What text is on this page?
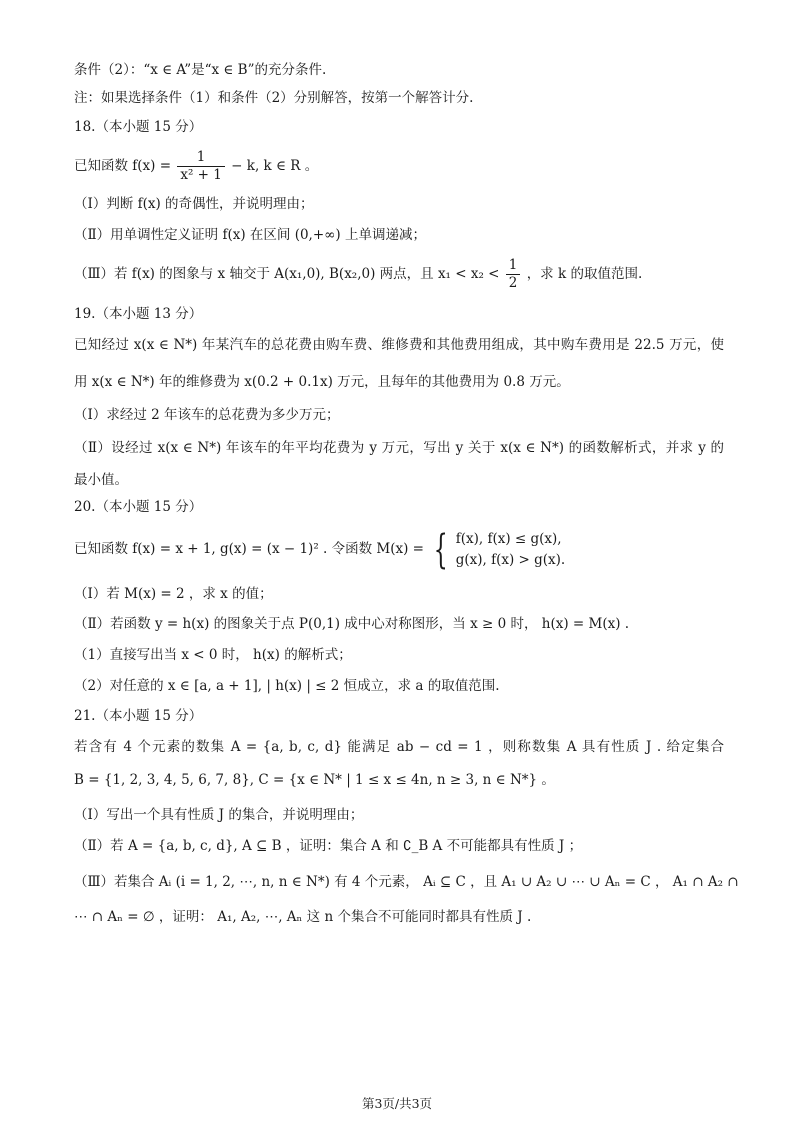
条件（2）：“x ∈ A”是“x ∈ B”的充分条件.
注：如果选择条件（1）和条件（2）分别解答，按第一个解答计分.
18.（本小题 15 分）
已知函数 $f(x) = \frac{1}{\text{x² + 1}} - k$, k ∈ R 。
（Ⅰ）判断 f(x) 的奇偶性，并说明理由；
（Ⅱ）用单调性定义证明 f(x) 在区间 (0,+∞) 上单调递减；
（Ⅲ）若 f(x) 的图象与 x 轴交于 A(x₁,0), B(x₂,0) 两点，且 $x_1 < x_2 < \frac{1}{2}$ ，求 k 的取值范围.
19.（本小题 13 分）
已知经过 x(x ∈ N*) 年某汽车的总花费由购车费、维修费和其他费用组成，其中购车费用是 22.5 万元，使
用 x(x ∈ N*) 年的维修费为 x(0.2 + 0.1x) 万元，且每年的其他费用为 0.8 万元。
（Ⅰ）求经过 2 年该车的总花费为多少万元；
（Ⅱ）设经过 x(x ∈ N*) 年该车的年平均花费为 y 万元，写出 y 关于 x(x ∈ N*) 的函数解析式，并求 y 的
最小值。
20.（本小题 15 分）
已知函数 f(x) = x + 1, g(x) = (x − 1)² . 令函数 M(x) = { f(x), f(x) ≤ g(x),
g(x), f(x) > g(x).
（Ⅰ）若 M(x) = 2 ，求 x 的值；
（Ⅱ）若函数 y = h(x) 的图象关于点 P(0,1) 成中心对称图形，当 x ≥ 0 时， h(x) = M(x) .
（1）直接写出当 x < 0 时， h(x) 的解析式；
（2）对任意的 x ∈ [a, a + 1], | h(x) | ≤ 2 恒成立，求 a 的取值范围.
21.（本小题 15 分）
若含有 4 个元素的数集 A = {a, b, c, d} 能满足 ab − cd = 1 ，则称数集 A 具有性质 J . 给定集合
B = {1, 2, 3, 4, 5, 6, 7, 8}, C = {x ∈ N* | 1 ≤ x ≤ 4n, n ≥ 3, n ∈ N*} 。
（Ⅰ）写出一个具有性质 J 的集合，并说明理由；
（Ⅱ）若 A = {a, b, c, d}, A ⊆ B ，证明：集合 A 和 ∁_B A 不可能都具有性质 J ；
（Ⅲ）若集合 Aᵢ (i = 1, 2, ⋯, n, n ∈ N*) 有 4 个元素， Aᵢ ⊆ C ，且 A₁ ∪ A₂ ∪ ⋯ ∪ Aₙ = C ， A₁ ∩ A₂ ∩
⋯ ∩ Aₙ = ∅ ，证明： A₁, A₂, ⋯, Aₙ 这 n 个集合不可能同时都具有性质 J .
第3页/共3页
